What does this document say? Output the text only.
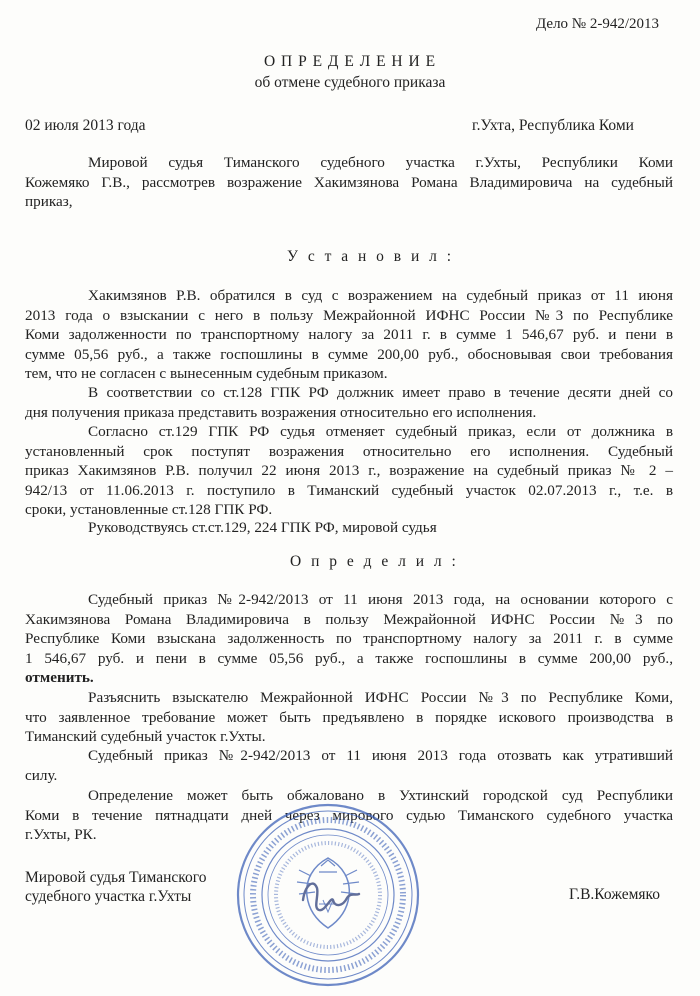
Дело № 2-942/2013
О П Р Е Д Е Л Е Н И Е
об отмене судебного приказа
02 июля 2013 года	г.Ухта, Республика Коми
Мировой судья Тиманского судебного участка г.Ухты, Республики Коми
Кожемяко Г.В., рассмотрев возражение Хакимзянова Романа Владимировича на судебный
приказ,
У с т а н о в и л :
Хакимзянов Р.В. обратился в суд с возражением на судебный приказ от 11 июня
2013 года о взыскании с него в пользу Межрайонной ИФНС России №3 по Республике
Коми задолженности по транспортному налогу за 2011 г. в сумме 1 546,67 руб. и пени в
сумме 05,56 руб., а также госпошлины в сумме 200,00 руб., обосновывая свои требования
тем, что не согласен с вынесенным судебным приказом.
В соответствии со ст.128 ГПК РФ должник имеет право в течение десяти дней со
дня получения приказа представить возражения относительно его исполнения.
Согласно ст.129 ГПК РФ судья отменяет судебный приказ, если от должника в
установленный срок поступят возражения относительно его исполнения. Судебный
приказ Хакимзянов Р.В. получил 22 июня 2013 г., возражение на судебный приказ № 2 –
942/13 от 11.06.2013 г. поступило в Тиманский судебный участок 02.07.2013 г., т.е. в
сроки, установленные ст.128 ГПК РФ.
Руководствуясь ст.ст.129, 224 ГПК РФ, мировой судья
О п р е д е л и л :
Судебный приказ №2-942/2013 от 11 июня 2013 года, на основании которого с
Хакимзянова Романа Владимировича в пользу Межрайонной ИФНС России №3 по
Республике Коми взыскана задолженность по транспортному налогу за 2011 г. в сумме
1 546,67 руб. и пени в сумме 05,56 руб., а также госпошлины в сумме 200,00 руб.,
отменить.
Разъяснить взыскателю Межрайонной ИФНС России №3 по Республике Коми,
что заявленное требование может быть предъявлено в порядке искового производства в
Тиманский судебный участок г.Ухты.
Судебный приказ №2-942/2013 от 11 июня 2013 года отозвать как утративший
силу.
Определение может быть обжаловано в Ухтинский городской суд Республики
Коми в течение пятнадцати дней через мирового судью Тиманского судебного участка
г.Ухты, РК.
Мировой судья Тиманского
судебного участка г.Ухты	Г.В.Кожемяко
